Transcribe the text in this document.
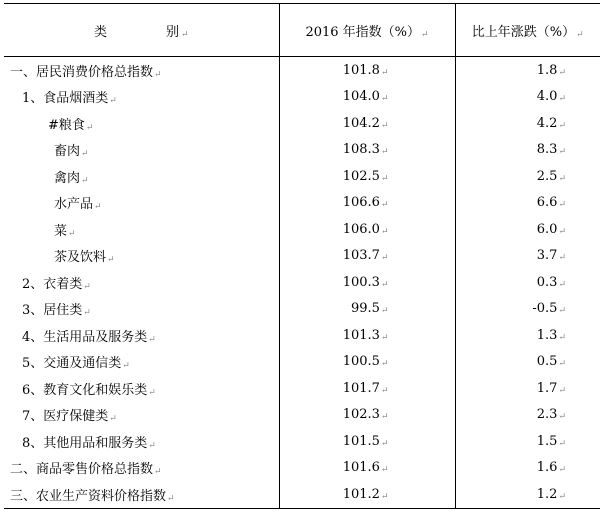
类 别↵	2016 年指数（%）↵	比上年涨跌（%）↵
一、居民消费价格总指数↵	101.8↵	1.8↵
1、食品烟酒类↵	104.0↵	4.0↵
#粮食↵	104.2↵	4.2↵
畜肉↵	108.3↵	8.3↵
禽肉↵	102.5↵	2.5↵
水产品↵	106.6↵	6.6↵
菜↵	106.0↵	6.0↵
茶及饮料↵	103.7↵	3.7↵
2、衣着类↵	100.3↵	0.3↵
3、居住类↵	99.5↵	-0.5↵
4、生活用品及服务类↵	101.3↵	1.3↵
5、交通及通信类↵	100.5↵	0.5↵
6、教育文化和娱乐类↵	101.7↵	1.7↵
7、医疗保健类↵	102.3↵	2.3↵
8、其他用品和服务类↵	101.5↵	1.5↵
二、商品零售价格总指数↵	101.6↵	1.6↵
三、农业生产资料价格指数↵	101.2↵	1.2↵
